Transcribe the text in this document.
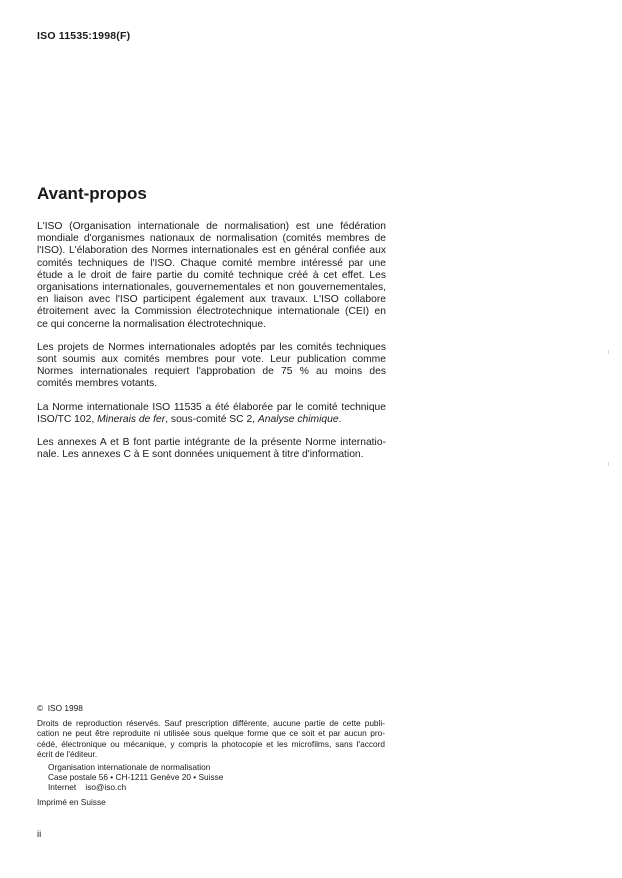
ISO 11535:1998(F)
Avant-propos

L'ISO (Organisation internationale de normalisation) est une fédération
mondiale d'organismes nationaux de normalisation (comités membres de
l'ISO). L'élaboration des Normes internationales est en général confiée aux
comités techniques de l'ISO. Chaque comité membre intéressé par une
étude a le droit de faire partie du comité technique créé à cet effet. Les
organisations internationales, gouvernementales et non gouvernementales,
en liaison avec l'ISO participent également aux travaux. L'ISO collabore
étroitement avec la Commission électrotechnique internationale (CEI) en
ce qui concerne la normalisation électrotechnique.

Les projets de Normes internationales adoptés par les comités techniques
sont soumis aux comités membres pour vote. Leur publication comme
Normes internationales requiert l'approbation de 75 % au moins des
comités membres votants.

La Norme internationale ISO 11535 a été élaborée par le comité technique
ISO/TC 102, Minerais de fer, sous-comité SC 2, Analyse chimique.

Les annexes A et B font partie intégrante de la présente Norme internatio-
nale. Les annexes C à E sont données uniquement à titre d'information.

© ISO 1998
Droits de reproduction réservés. Sauf prescription différente, aucune partie de cette publi-
cation ne peut être reproduite ni utilisée sous quelque forme que ce soit et par aucun pro-
cédé, électronique ou mécanique, y compris la photocopie et les microfilms, sans l'accord
écrit de l'éditeur.
Organisation internationale de normalisation
Case postale 56 • CH-1211 Genève 20 • Suisse
Internet iso@iso.ch
Imprimé en Suisse
ii
